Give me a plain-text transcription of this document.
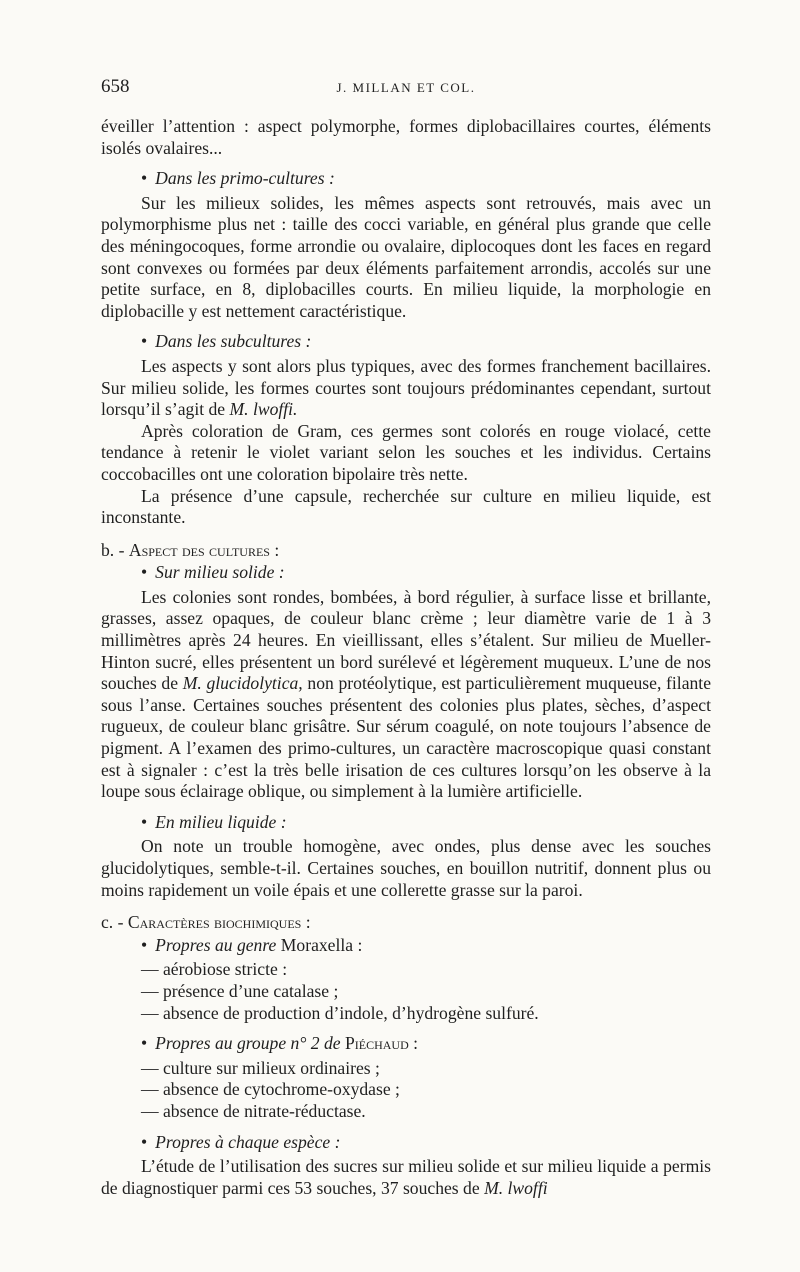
658	J. MILLAN ET COL.

éveiller l’attention : aspect polymorphe, formes diplobacillaires courtes, éléments isolés ovalaires...

• Dans les primo-cultures :

Sur les milieux solides, les mêmes aspects sont retrouvés, mais avec un polymorphisme plus net : taille des cocci variable, en général plus grande que celle des méningocoques, forme arrondie ou ovalaire, diplocoques dont les faces en regard sont convexes ou formées par deux éléments parfaitement arrondis, accolés sur une petite surface, en 8, diplobacilles courts. En milieu liquide, la morphologie en diplobacille y est nettement caractéristique.

• Dans les subcultures :

Les aspects y sont alors plus typiques, avec des formes franchement bacillaires. Sur milieu solide, les formes courtes sont toujours prédominantes cependant, surtout lorsqu’il s’agit de M. lwoffi.

Après coloration de Gram, ces germes sont colorés en rouge violacé, cette tendance à retenir le violet variant selon les souches et les individus. Certains coccobacilles ont une coloration bipolaire très nette.

La présence d’une capsule, recherchée sur culture en milieu liquide, est inconstante.

b. - Aspect des cultures :
• Sur milieu solide :

Les colonies sont rondes, bombées, à bord régulier, à surface lisse et brillante, grasses, assez opaques, de couleur blanc crème ; leur diamètre varie de 1 à 3 millimètres après 24 heures. En vieillissant, elles s’étalent. Sur milieu de Mueller-Hinton sucré, elles présentent un bord surélevé et légèrement muqueux. L’une de nos souches de M. glucidolytica, non protéolytique, est particulièrement muqueuse, filante sous l’anse. Certaines souches présentent des colonies plus plates, sèches, d’aspect rugueux, de couleur blanc grisâtre. Sur sérum coagulé, on note toujours l’absence de pigment. A l’examen des primo-cultures, un caractère macroscopique quasi constant est à signaler : c’est la très belle irisation de ces cultures lorsqu’on les observe à la loupe sous éclairage oblique, ou simplement à la lumière artificielle.

• En milieu liquide :

On note un trouble homogène, avec ondes, plus dense avec les souches glucidolytiques, semble-t-il. Certaines souches, en bouillon nutritif, donnent plus ou moins rapidement un voile épais et une collerette grasse sur la paroi.

c. - Caractères biochimiques :
• Propres au genre Moraxella :
— aérobiose stricte :
— présence d’une catalase ;
— absence de production d’indole, d’hydrogène sulfuré.
• Propres au groupe n° 2 de Piéchaud :
— culture sur milieux ordinaires ;
— absence de cytochrome-oxydase ;
— absence de nitrate-réductase.
• Propres à chaque espèce :

L’étude de l’utilisation des sucres sur milieu solide et sur milieu liquide a permis de diagnostiquer parmi ces 53 souches, 37 souches de M. lwoffi
